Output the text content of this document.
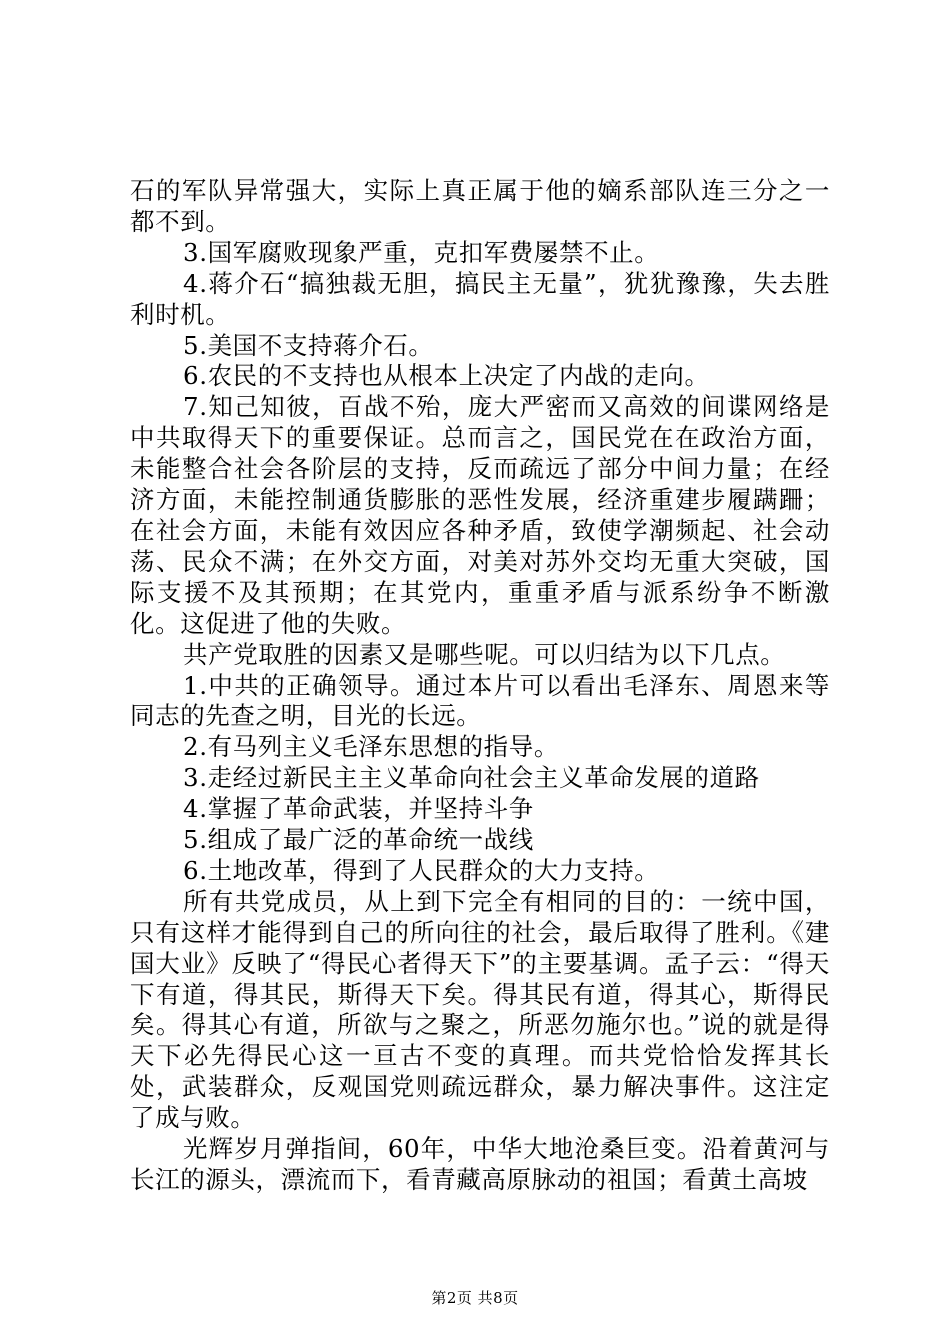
石的军队异常强大，实际上真正属于他的嫡系部队连三分之一都不到。

3.国军腐败现象严重，克扣军费屡禁不止。

4.蒋介石“搞独裁无胆，搞民主无量”，犹犹豫豫，失去胜利时机。

5.美国不支持蒋介石。

6.农民的不支持也从根本上决定了内战的走向。

7.知己知彼，百战不殆，庞大严密而又高效的间谍网络是中共取得天下的重要保证。总而言之，国民党在在政治方面，未能整合社会各阶层的支持，反而疏远了部分中间力量；在经济方面，未能控制通货膨胀的恶性发展，经济重建步履蹒跚；在社会方面，未能有效因应各种矛盾，致使学潮频起、社会动荡、民众不满；在外交方面，对美对苏外交均无重大突破，国际支援不及其预期；在其党内，重重矛盾与派系纷争不断激化。这促进了他的失败。

共产党取胜的因素又是哪些呢。可以归结为以下几点。

1.中共的正确领导。通过本片可以看出毛泽东、周恩来等同志的先查之明，目光的长远。

2.有马列主义毛泽东思想的指导。

3.走经过新民主主义革命向社会主义革命发展的道路

4.掌握了革命武装，并坚持斗争

5.组成了最广泛的革命统一战线

6.土地改革，得到了人民群众的大力支持。

所有共党成员，从上到下完全有相同的目的：一统中国，只有这样才能得到自己的所向往的社会，最后取得了胜利。《建国大业》反映了“得民心者得天下”的主要基调。孟子云：“得天下有道，得其民，斯得天下矣。得其民有道，得其心，斯得民矣。得其心有道，所欲与之聚之，所恶勿施尔也。”说的就是得天下必先得民心这一亘古不变的真理。而共党恰恰发挥其长处，武装群众，反观国党则疏远群众，暴力解决事件。这注定了成与败。

光辉岁月弹指间，60年，中华大地沧桑巨变。沿着黄河与长江的源头，漂流而下，看青藏高原脉动的祖国；看黄土高坡

第2页 共8页
